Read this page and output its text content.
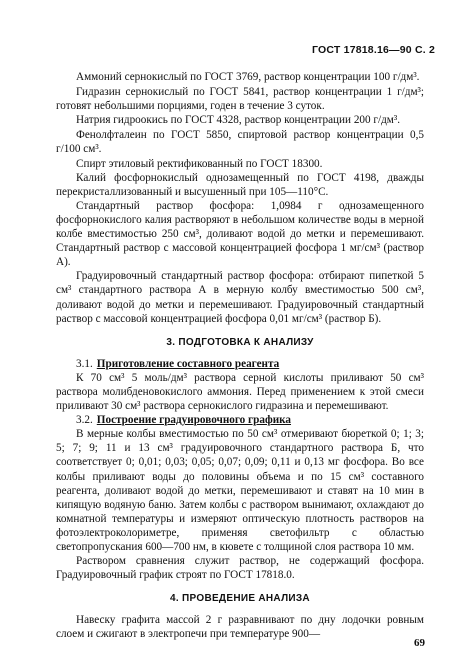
ГОСТ 17818.16—90 С. 2

Аммоний сернокислый по ГОСТ 3769, раствор концентрации 100 г/дм³.

Гидразин сернокислый по ГОСТ 5841, раствор концентрации 1 г/дм³; готовят небольшими порциями, годен в течение 3 суток.

Натрия гидроокись по ГОСТ 4328, раствор концентрации 200 г/дм³.

Фенолфталеин по ГОСТ 5850, спиртовой раствор концентрации 0,5 г/100 см³.

Спирт этиловый ректификованный по ГОСТ 18300.

Калий фосфорнокислый однозамещенный по ГОСТ 4198, дважды перекристаллизованный и высушенный при 105—110°С.

Стандартный раствор фосфора: 1,0984 г однозамещенного фосфорнокислого калия растворяют в небольшом количестве воды в мерной колбе вместимостью 250 см³, доливают водой до метки и перемешивают. Стандартный раствор с массовой концентрацией фосфора 1 мг/см³ (раствор А).

Градуировочный стандартный раствор фосфора: отбирают пипеткой 5 см³ стандартного раствора А в мерную колбу вместимостью 500 см³, доливают водой до метки и перемешивают. Градуировочный стандартный раствор с массовой концентрацией фосфора 0,01 мг/см³ (раствор Б).

3. ПОДГОТОВКА К АНАЛИЗУ

3.1. Приготовление составного реагента

К 70 см³ 5 моль/дм³ раствора серной кислоты приливают 50 см³ раствора молибденовокислого аммония. Перед применением к этой смеси приливают 30 см³ раствора сернокислого гидразина и перемешивают.

3.2. Построение градуировочного графика

В мерные колбы вместимостью по 50 см³ отмеривают бюреткой 0; 1; 3; 5; 7; 9; 11 и 13 см³ градуировочного стандартного раствора Б, что соответствует 0; 0,01; 0,03; 0,05; 0,07; 0,09; 0,11 и 0,13 мг фосфора. Во все колбы приливают воды до половины объема и по 15 см³ составного реагента, доливают водой до метки, перемешивают и ставят на 10 мин в кипящую водяную баню. Затем колбы с раствором вынимают, охлаждают до комнатной температуры и измеряют оптическую плотность растворов на фотоэлектроколориметре, применяя светофильтр с областью светопропускания 600—700 нм, в кювете с толщиной слоя раствора 10 мм.

Раствором сравнения служит раствор, не содержащий фосфора. Градуировочный график строят по ГОСТ 17818.0.

4. ПРОВЕДЕНИЕ АНАЛИЗА

Навеску графита массой 2 г разравнивают по дну лодочки ровным слоем и сжигают в электропечи при температуре 900—

69
